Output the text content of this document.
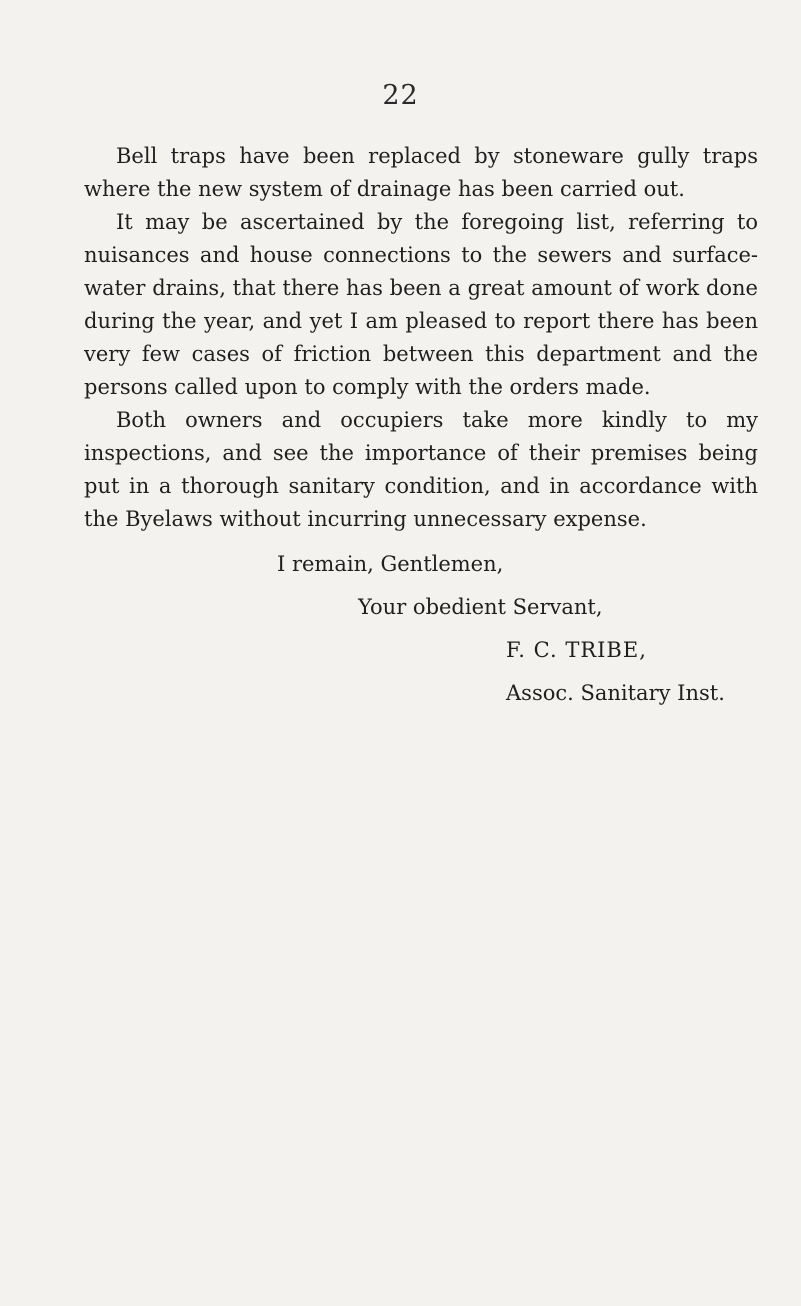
22

Bell traps have been replaced by stoneware gully traps where the new system of drainage has been carried out.

It may be ascertained by the foregoing list, referring to nuisances and house connections to the sewers and surface-water drains, that there has been a great amount of work done during the year, and yet I am pleased to report there has been very few cases of friction between this department and the persons called upon to comply with the orders made.

Both owners and occupiers take more kindly to my inspections, and see the importance of their premises being put in a thorough sanitary condition, and in accordance with the Byelaws without incurring unnecessary expense.

I remain, Gentlemen,
Your obedient Servant,
F. C. TRIBE,
Assoc. Sanitary Inst.
